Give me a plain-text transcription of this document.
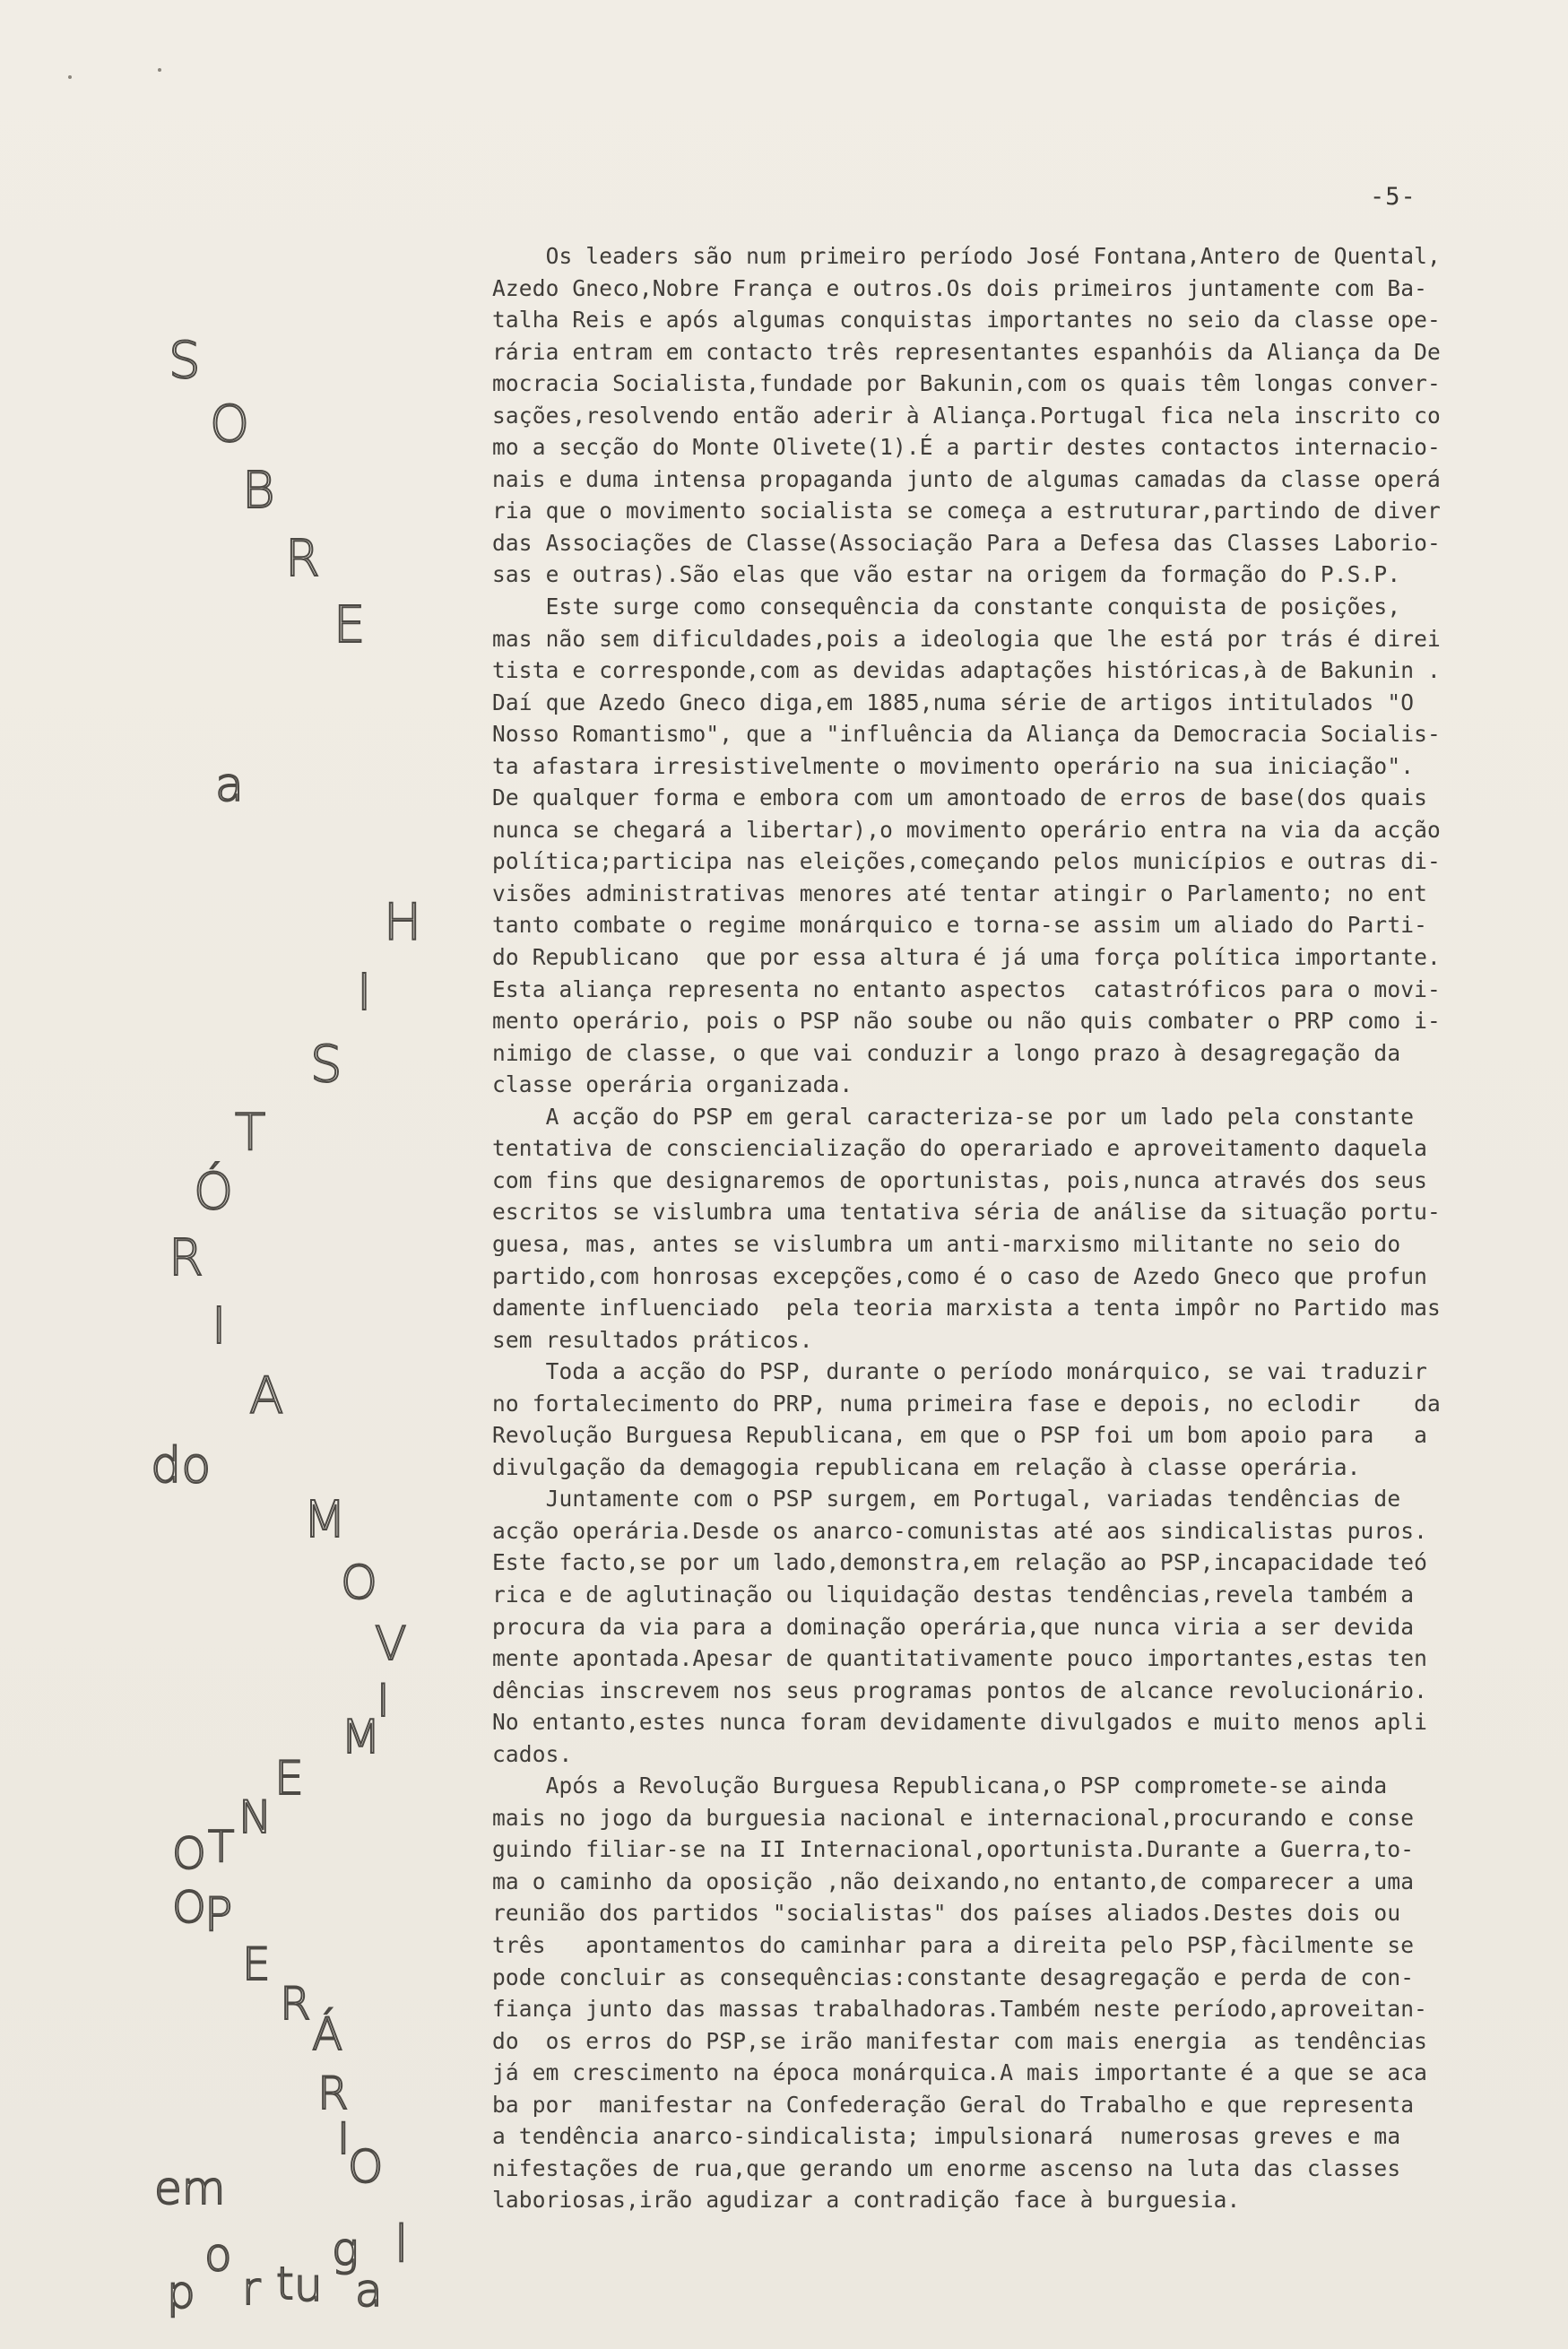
-5-
S
O
B
R
E
a
H
I
S
T
Ó
R
I
A
do
M
O
V
I
M
E
N
T
O
O
P
E
R
Á
R
I
O
em
p
o
r t u
g
a
l
Os leaders são num primeiro período José Fontana,Antero de Quental,
Azedo Gneco,Nobre França e outros.Os dois primeiros juntamente com Ba-
talha Reis e após algumas conquistas importantes no seio da classe ope-
rária entram em contacto três representantes espanhóis da Aliança da De
mocracia Socialista,fundade por Bakunin,com os quais têm longas conver-
sações,resolvendo então aderir à Aliança.Portugal fica nela inscrito co
mo a secção do Monte Olivete(1).É a partir destes contactos internacio-
nais e duma intensa propaganda junto de algumas camadas da classe operá
ria que o movimento socialista se começa a estruturar,partindo de diver
das Associações de Classe(Associação Para a Defesa das Classes Laborio-
sas e outras).São elas que vão estar na origem da formação do P.S.P.
Este surge como consequência da constante conquista de posições,
mas não sem dificuldades,pois a ideologia que lhe está por trás é direi
tista e corresponde,com as devidas adaptações históricas,à de Bakunin .
Daí que Azedo Gneco diga,em 1885,numa série de artigos intitulados "O
Nosso Romantismo", que a "influência da Aliança da Democracia Socialis-
ta afastara irresistivelmente o movimento operário na sua iniciação".
De qualquer forma e embora com um amontoado de erros de base(dos quais
nunca se chegará a libertar),o movimento operário entra na via da acção
política;participa nas eleições,começando pelos municípios e outras di-
visões administrativas menores até tentar atingir o Parlamento; no ent
tanto combate o regime monárquico e torna-se assim um aliado do Parti-
do Republicano  que por essa altura é já uma força política importante.
Esta aliança representa no entanto aspectos  catastróficos para o movi-
mento operário, pois o PSP não soube ou não quis combater o PRP como i-
nimigo de classe, o que vai conduzir a longo prazo à desagregação da
classe operária organizada.
A acção do PSP em geral caracteriza-se por um lado pela constante
tentativa de consciencialização do operariado e aproveitamento daquela
com fins que designaremos de oportunistas, pois,nunca através dos seus
escritos se vislumbra uma tentativa séria de análise da situação portu-
guesa, mas, antes se vislumbra um anti-marxismo militante no seio do
partido,com honrosas excepções,como é o caso de Azedo Gneco que profun
damente influenciado  pela teoria marxista a tenta impôr no Partido mas
sem resultados práticos.
Toda a acção do PSP, durante o período monárquico, se vai traduzir
no fortalecimento do PRP, numa primeira fase e depois, no eclodir    da
Revolução Burguesa Republicana, em que o PSP foi um bom apoio para   a
divulgação da demagogia republicana em relação à classe operária.
Juntamente com o PSP surgem, em Portugal, variadas tendências de
acção operária.Desde os anarco-comunistas até aos sindicalistas puros.
Este facto,se por um lado,demonstra,em relação ao PSP,incapacidade teó
rica e de aglutinação ou liquidação destas tendências,revela também a
procura da via para a dominação operária,que nunca viria a ser devida
mente apontada.Apesar de quantitativamente pouco importantes,estas ten
dências inscrevem nos seus programas pontos de alcance revolucionário.
No entanto,estes nunca foram devidamente divulgados e muito menos apli
cados.
Após a Revolução Burguesa Republicana,o PSP compromete-se ainda
mais no jogo da burguesia nacional e internacional,procurando e conse
guindo filiar-se na II Internacional,oportunista.Durante a Guerra,to-
ma o caminho da oposição ,não deixando,no entanto,de comparecer a uma
reunião dos partidos "socialistas" dos países aliados.Destes dois ou
três   apontamentos do caminhar para a direita pelo PSP,fàcilmente se
pode concluir as consequências:constante desagregação e perda de con-
fiança junto das massas trabalhadoras.Também neste período,aproveitan-
do  os erros do PSP,se irão manifestar com mais energia  as tendências
já em crescimento na época monárquica.A mais importante é a que se aca
ba por  manifestar na Confederação Geral do Trabalho e que representa
a tendência anarco-sindicalista; impulsionará  numerosas greves e ma
nifestações de rua,que gerando um enorme ascenso na luta das classes
laboriosas,irão agudizar a contradição face à burguesia.
